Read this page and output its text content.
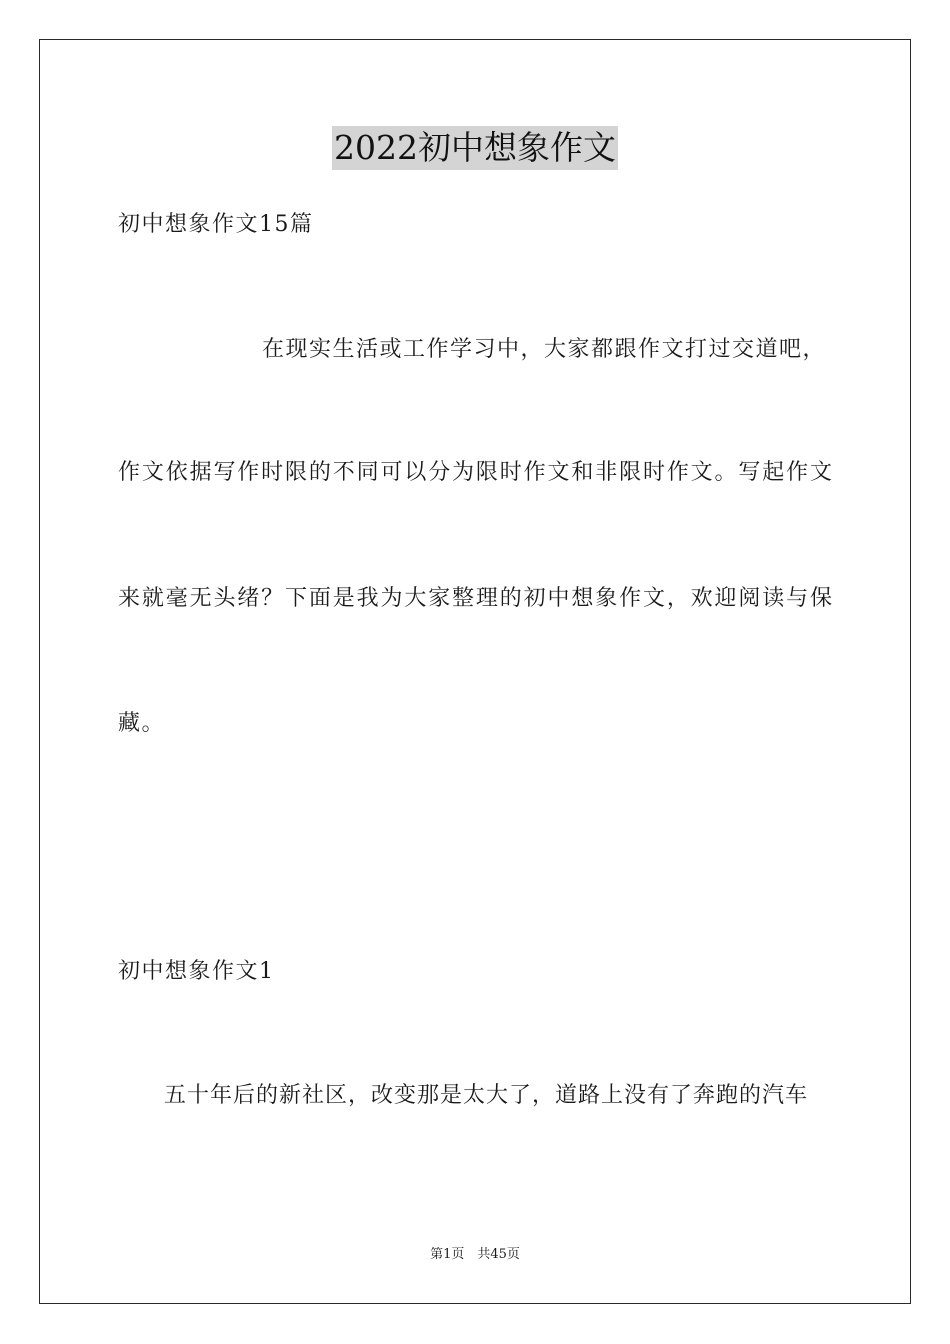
2022初中想象作文
初中想象作文15篇
在现实生活或工作学习中，大家都跟作文打过交道吧，
作文依据写作时限的不同可以分为限时作文和非限时作文。写起作文
来就毫无头绪？下面是我为大家整理的初中想象作文，欢迎阅读与保
藏。
初中想象作文1
五十年后的新社区，改变那是太大了，道路上没有了奔跑的汽车
第1页　共45页
